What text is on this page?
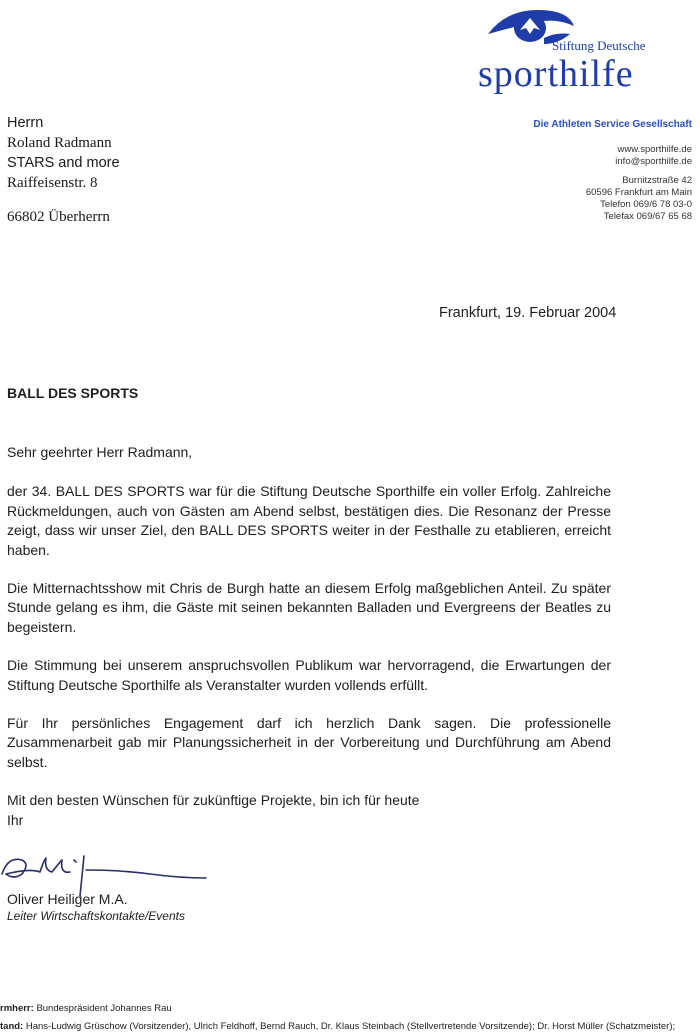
Stiftung Deutsche
sporthilfe
Die Athleten Service Gesellschaft
www.sporthilfe.de
info@sporthilfe.de
Burnitzstraße 42
60596 Frankfurt am Main
Telefon 069/6 78 03-0
Telefax 069/67 65 68
Herrn
Roland Radmann
STARS and more
Raiffeisenstr. 8
66802 Überherrn
Frankfurt, 19. Februar 2004
BALL DES SPORTS

Sehr geehrter Herr Radmann,

der 34. BALL DES SPORTS war für die Stiftung Deutsche Sporthilfe ein voller Erfolg. Zahlreiche Rückmeldungen, auch von Gästen am Abend selbst, bestätigen dies. Die Resonanz der Presse zeigt, dass wir unser Ziel, den BALL DES SPORTS weiter in der Festhalle zu etablieren, erreicht haben.

Die Mitternachtsshow mit Chris de Burgh hatte an diesem Erfolg maßgeblichen Anteil. Zu später Stunde gelang es ihm, die Gäste mit seinen bekannten Balladen und Evergreens der Beatles zu begeistern.

Die Stimmung bei unserem anspruchsvollen Publikum war hervorragend, die Erwartungen der Stiftung Deutsche Sporthilfe als Veranstalter wurden vollends erfüllt.

Für Ihr persönliches Engagement darf ich herzlich Dank sagen. Die professionelle Zusammenarbeit gab mir Planungssicherheit in der Vorbereitung und Durchführung am Abend selbst.

Mit den besten Wünschen für zukünftige Projekte, bin ich für heute

Ihr

Oliver Heiliger M.A.
Leiter Wirtschaftskontakte/Events
rmherr: Bundespräsident Johannes Rau
tand: Hans-Ludwig Grüschow (Vorsitzender), Ulrich Feldhoff, Bernd Rauch, Dr. Klaus Steinbach (Stellvertretende Vorsitzende); Dr. Horst Müller (Schatzmeister);
